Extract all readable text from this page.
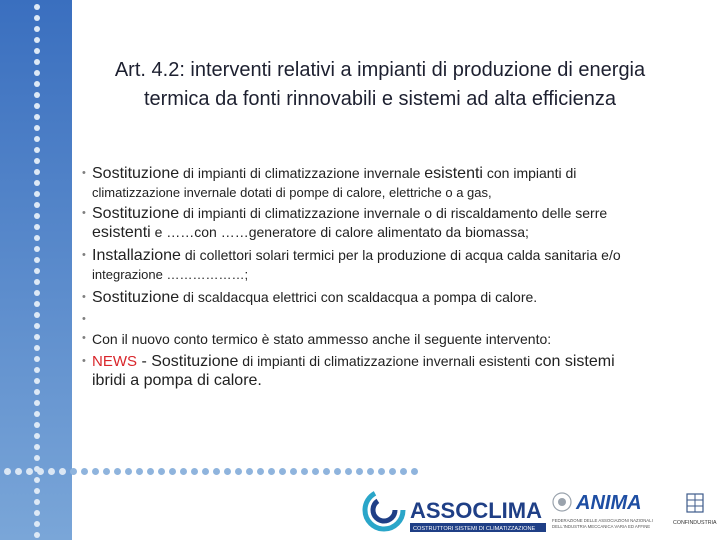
Art. 4.2: interventi relativi a impianti di produzione di energia
termica da fonti rinnovabili e sistemi ad alta efficienza
• Sostituzione di impianti di climatizzazione invernale esistenti con impianti di
climatizzazione invernale dotati di pompe di calore, elettriche o a gas,
• Sostituzione di impianti di climatizzazione invernale o di riscaldamento delle serre
esistenti e ……con ……generatore di calore alimentato da biomassa;
• Installazione di collettori solari termici per la produzione di acqua calda sanitaria e/o
integrazione ………………;
• Sostituzione di scaldacqua elettrici con scaldacqua a pompa di calore.
•
• Con il nuovo conto termico è stato ammesso anche il seguente intervento:
• NEWS - Sostituzione di impianti di climatizzazione invernali esistenti con sistemi
ibridi a pompa di calore.
ASSOCLIMA
COSTRUTTORI SISTEMI DI CLIMATIZZAZIONE
ANIMA
FEDERAZIONE DELLE ASSOCIAZIONI NAZIONALI
DELL'INDUSTRIA MECCANICA VARIA ED AFFINE
CONFINDUSTRIA
